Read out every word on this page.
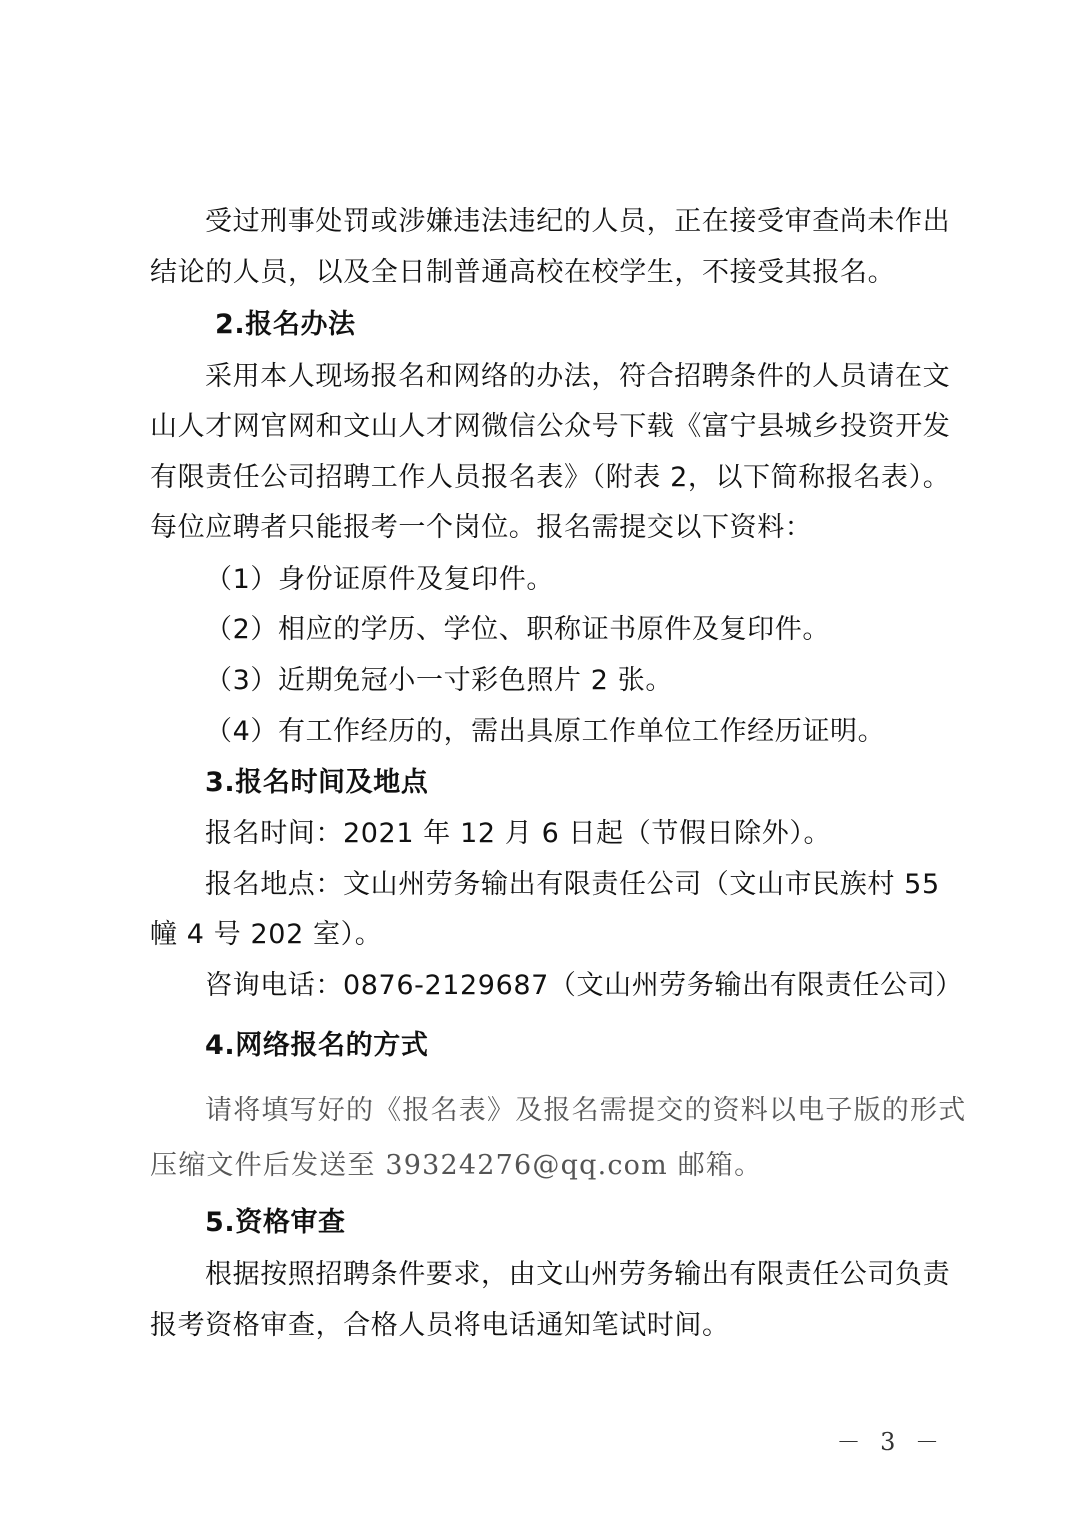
受过刑事处罚或涉嫌违法违纪的人员，正在接受审查尚未作出
结论的人员，以及全日制普通高校在校学生，不接受其报名。
2.报名办法
采用本人现场报名和网络的办法，符合招聘条件的人员请在文
山人才网官网和文山人才网微信公众号下载《富宁县城乡投资开发
有限责任公司招聘工作人员报名表》（附表 2，以下简称报名表）。
每位应聘者只能报考一个岗位。报名需提交以下资料：
（1）身份证原件及复印件。
（2）相应的学历、学位、职称证书原件及复印件。
（3）近期免冠小一寸彩色照片 2 张。
（4）有工作经历的，需出具原工作单位工作经历证明。
3.报名时间及地点
报名时间：2021 年 12 月 6 日起（节假日除外）。
报名地点：文山州劳务输出有限责任公司（文山市民族村 55
幢 4 号 202 室）。
咨询电话：0876-2129687（文山州劳务输出有限责任公司）
4.网络报名的方式
请将填写好的《报名表》及报名需提交的资料以电子版的形式
压缩文件后发送至 39324276@qq.com 邮箱。
5.资格审查
根据按照招聘条件要求，由文山州劳务输出有限责任公司负责
报考资格审查，合格人员将电话通知笔试时间。
－ 3 －
